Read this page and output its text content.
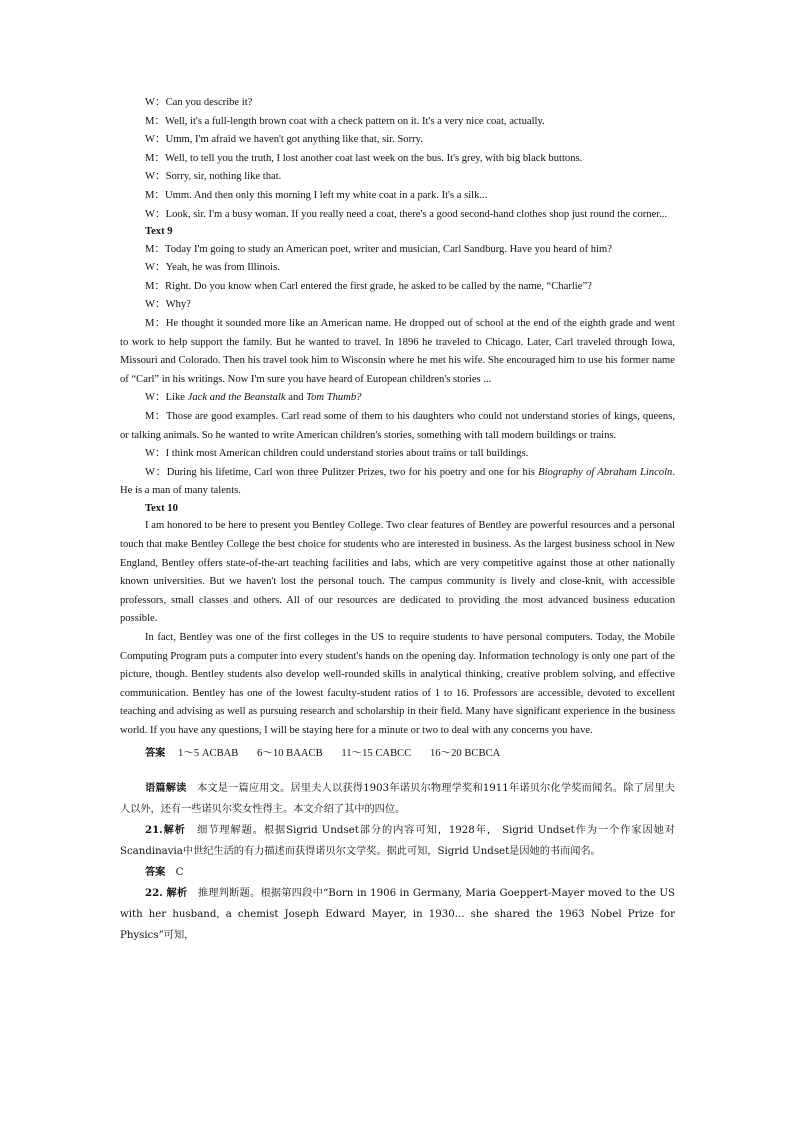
W：Can you describe it?

M：Well, it's a full-length brown coat with a check pattern on it. It's a very nice coat, actually.

W：Umm, I'm afraid we haven't got anything like that, sir. Sorry.

M：Well, to tell you the truth, I lost another coat last week on the bus. It's grey, with big black buttons.

W：Sorry, sir, nothing like that.

M：Umm. And then only this morning I left my white coat in a park. It's a silk...

W：Look, sir. I'm a busy woman. If you really need a coat, there's a good second-hand clothes shop just round the corner...

Text 9

M：Today I'm going to study an American poet, writer and musician, Carl Sandburg. Have you heard of him?

W：Yeah, he was from Illinois.

M：Right. Do you know when Carl entered the first grade, he asked to be called by the name, “Charlie”?

W：Why?

M：He thought it sounded more like an American name. He dropped out of school at the end of the eighth grade and went to work to help support the family. But he wanted to travel. In 1896 he traveled to Chicago. Later, Carl traveled through Iowa, Missouri and Colorado. Then his travel took him to Wisconsin where he met his wife. She encouraged him to use his former name of “Carl” in his writings. Now I'm sure you have heard of European children's stories ...

W：Like Jack and the Beanstalk and Tom Thumb?

M：Those are good examples. Carl read some of them to his daughters who could not understand stories of kings, queens, or talking animals. So he wanted to write American children's stories, something with tall modern buildings or trains.

W：I think most American children could understand stories about trains or tall buildings.

W：During his lifetime, Carl won three Pulitzer Prizes, two for his poetry and one for his Biography of Abraham Lincoln. He is a man of many talents.

Text 10

I am honored to be here to present you Bentley College. Two clear features of Bentley are powerful resources and a personal touch that make Bentley College the best choice for students who are interested in business. As the largest business school in New England, Bentley offers state-of-the-art teaching facilities and labs, which are very competitive against those at other nationally known universities. But we haven't lost the personal touch. The campus community is lively and close-knit, with accessible professors, small classes and others. All of our resources are dedicated to providing the most advanced business education possible.

In fact, Bentley was one of the first colleges in the US to require students to have personal computers. Today, the Mobile Computing Program puts a computer into every student's hands on the opening day. Information technology is only one part of the picture, though. Bentley students also develop well-rounded skills in analytical thinking, creative problem solving, and effective communication. Bentley has one of the lowest faculty-student ratios of 1 to 16. Professors are accessible, devoted to excellent teaching and advising as well as pursuing research and scholarship in their field. Many have significant experience in the business world. If you have any questions, I will be staying here for a minute or two to deal with any concerns you have.

答案 1～5 ACBAB 6～10 BAACB 11～15 CABCC 16～20 BCBCA

语篇解读　 本文是一篇应用文。居里夫人以获得1903年诺贝尔物理学奖和1911年诺贝尔化学奖而闻名。除了居里夫人以外，还有一些诺贝尔奖女性得主。本文介绍了其中的四位。

21.解析　 细节理解题。根据Sigrid Undset部分的内容可知，1928年， Sigrid Undset作为一个作家因她对Scandinavia中世纪生活的有力描述而获得诺贝尔文学奖。据此可知，Sigrid Undset是因她的书而闻名。

答案　 C

22. 解析　 推理判断题。根据第四段中“Born in 1906 in Germany, Maria Goeppert-Mayer moved to the US with her husband, a chemist Joseph Edward Mayer, in 1930... she shared the 1963 Nobel Prize for Physics”可知，
